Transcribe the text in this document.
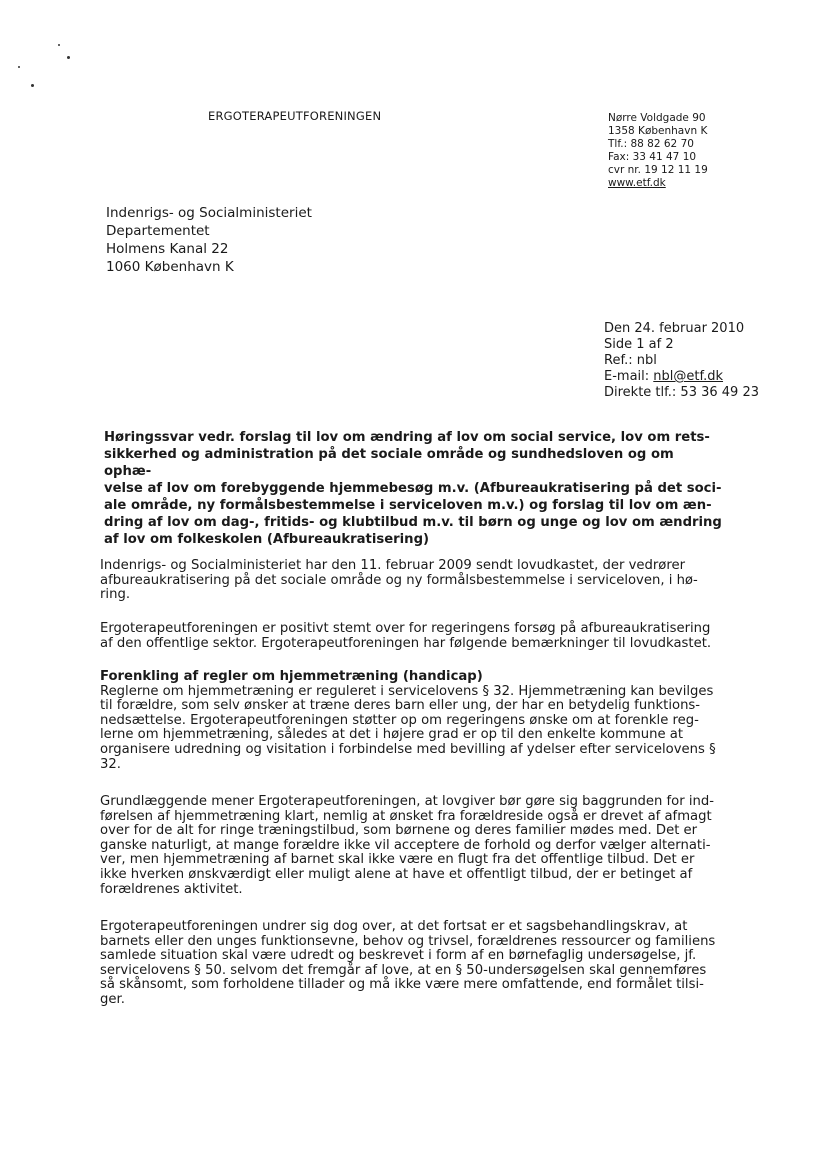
ERGOTERAPEUTFORENINGEN	Nørre Voldgade 90
1358 København K
Tlf.: 88 82 62 70
Fax: 33 41 47 10
cvr nr. 19 12 11 19
www.etf.dk
Indenrigs- og Socialministeriet
Departementet
Holmens Kanal 22
1060 København K
Den 24. februar 2010
Side 1 af 2
Ref.: nbl
E-mail: nbl@etf.dk
Direkte tlf.: 53 36 49 23
Høringssvar vedr. forslag til lov om ændring af lov om social service, lov om rets-
sikkerhed og administration på det sociale område og sundhedsloven og om ophæ-
velse af lov om forebyggende hjemmebesøg m.v. (Afbureaukratisering på det soci-
ale område, ny formålsbestemmelse i serviceloven m.v.) og forslag til lov om æn-
dring af lov om dag-, fritids- og klubtilbud m.v. til børn og unge og lov om ændring
af lov om folkeskolen (Afbureaukratisering)
Indenrigs- og Socialministeriet har den 11. februar 2009 sendt lovudkastet, der vedrører
afbureaukratisering på det sociale område og ny formålsbestemmelse i serviceloven, i hø-
ring.
Ergoterapeutforeningen er positivt stemt over for regeringens forsøg på afbureaukratisering
af den offentlige sektor. Ergoterapeutforeningen har følgende bemærkninger til lovudkastet.
Forenkling af regler om hjemmetræning (handicap)
Reglerne om hjemmetræning er reguleret i servicelovens § 32. Hjemmetræning kan bevilges
til forældre, som selv ønsker at træne deres barn eller ung, der har en betydelig funktions-
nedsættelse. Ergoterapeutforeningen støtter op om regeringens ønske om at forenkle reg-
lerne om hjemmetræning, således at det i højere grad er op til den enkelte kommune at
organisere udredning og visitation i forbindelse med bevilling af ydelser efter servicelovens §
32.
Grundlæggende mener Ergoterapeutforeningen, at lovgiver bør gøre sig baggrunden for ind-
førelsen af hjemmetræning klart, nemlig at ønsket fra forældreside også er drevet af afmagt
over for de alt for ringe træningstilbud, som børnene og deres familier mødes med. Det er
ganske naturligt, at mange forældre ikke vil acceptere de forhold og derfor vælger alternati-
ver, men hjemmetræning af barnet skal ikke være en flugt fra det offentlige tilbud. Det er
ikke hverken ønskværdigt eller muligt alene at have et offentligt tilbud, der er betinget af
forældrenes aktivitet.
Ergoterapeutforeningen undrer sig dog over, at det fortsat er et sagsbehandlingskrav, at
barnets eller den unges funktionsevne, behov og trivsel, forældrenes ressourcer og familiens
samlede situation skal være udredt og beskrevet i form af en børnefaglig undersøgelse, jf.
servicelovens § 50. selvom det fremgår af love, at en § 50-undersøgelsen skal gennemføres
så skånsomt, som forholdene tillader og må ikke være mere omfattende, end formålet tilsi-
ger.
